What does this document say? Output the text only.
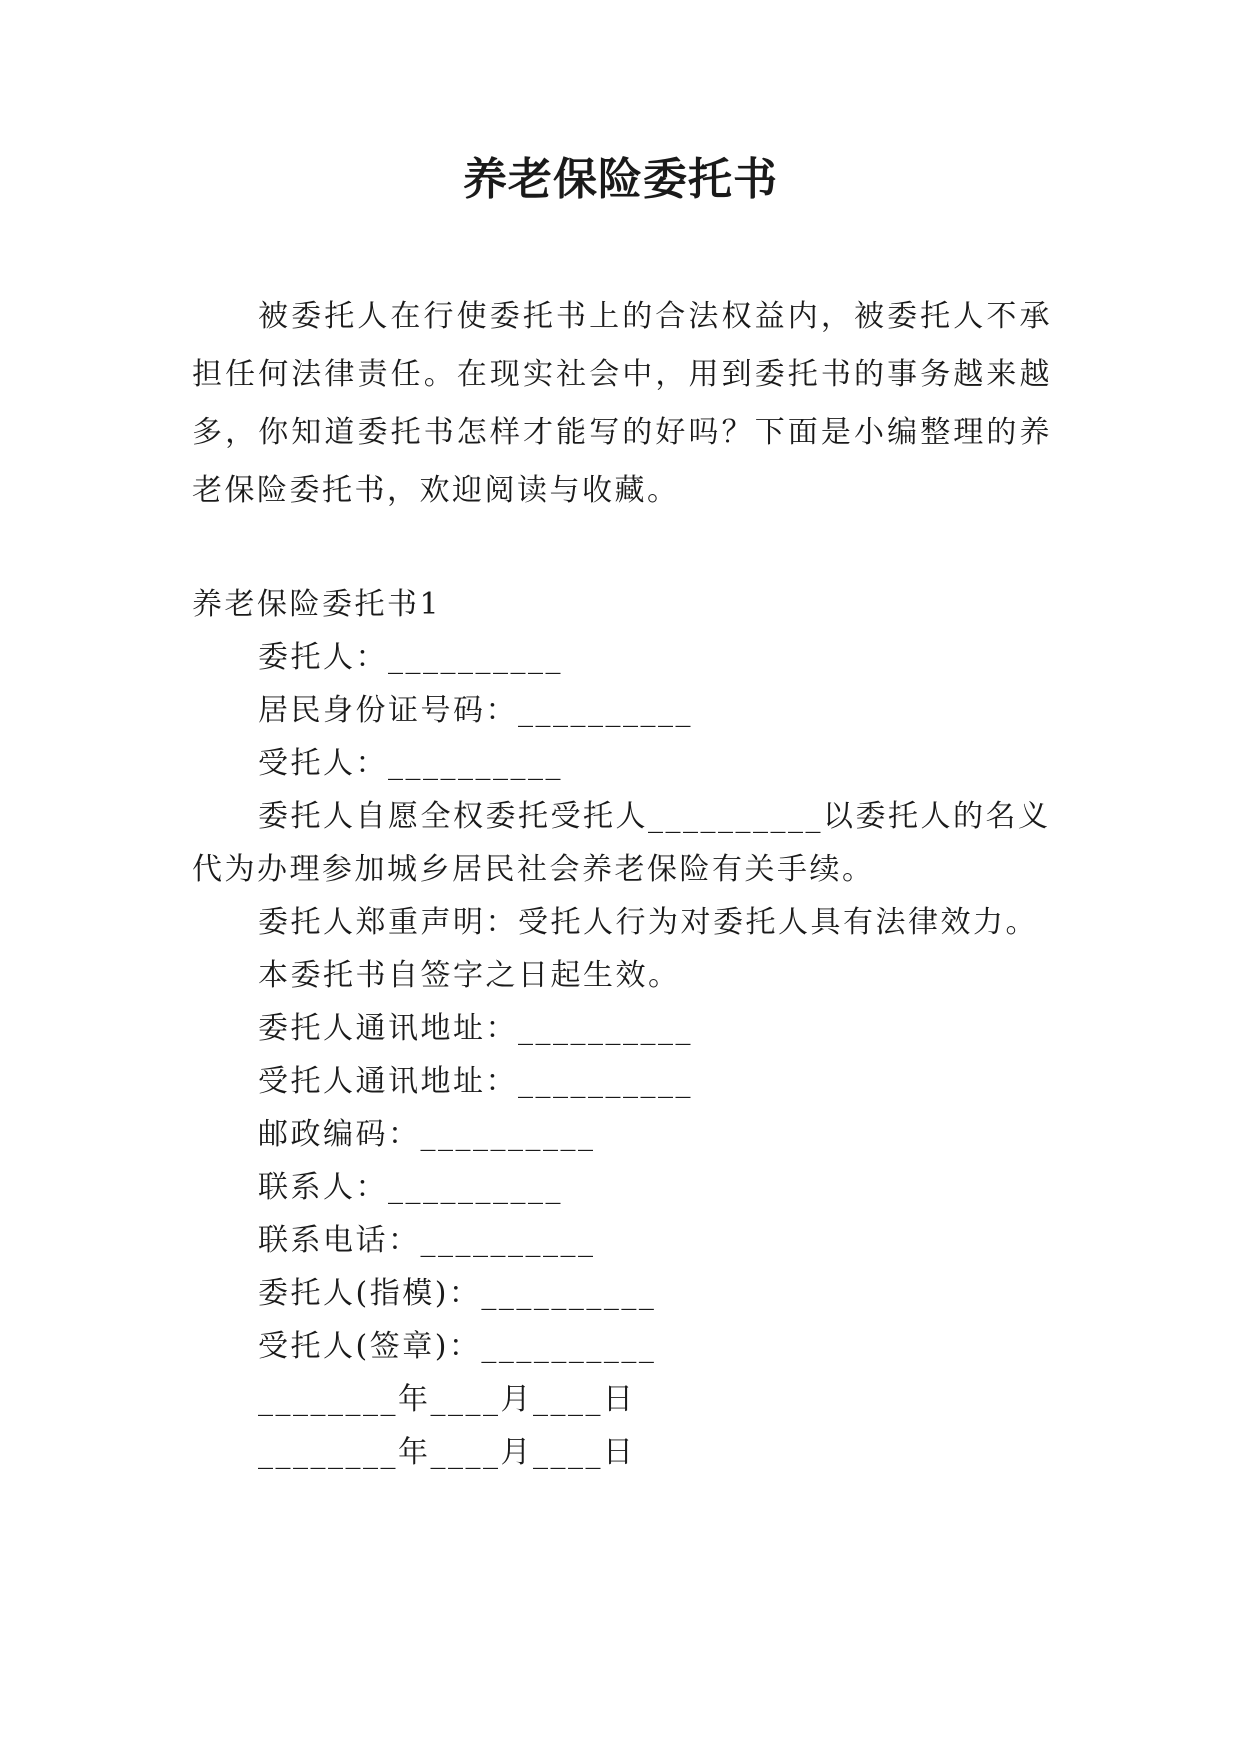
养老保险委托书

被委托人在行使委托书上的合法权益内，被委托人不承担任何法律责任。在现实社会中，用到委托书的事务越来越多，你知道委托书怎样才能写的好吗？下面是小编整理的养老保险委托书，欢迎阅读与收藏。

养老保险委托书1

委托人：__________

居民身份证号码：__________

受托人：__________

委托人自愿全权委托受托人__________以委托人的名义

代为办理参加城乡居民社会养老保险有关手续。

委托人郑重声明：受托人行为对委托人具有法律效力。

本委托书自签字之日起生效。

委托人通讯地址：__________

受托人通讯地址：__________

邮政编码：__________

联系人：__________

联系电话：__________

委托人(指模)：__________

受托人(签章)：__________

________年____月____日

________年____月____日
